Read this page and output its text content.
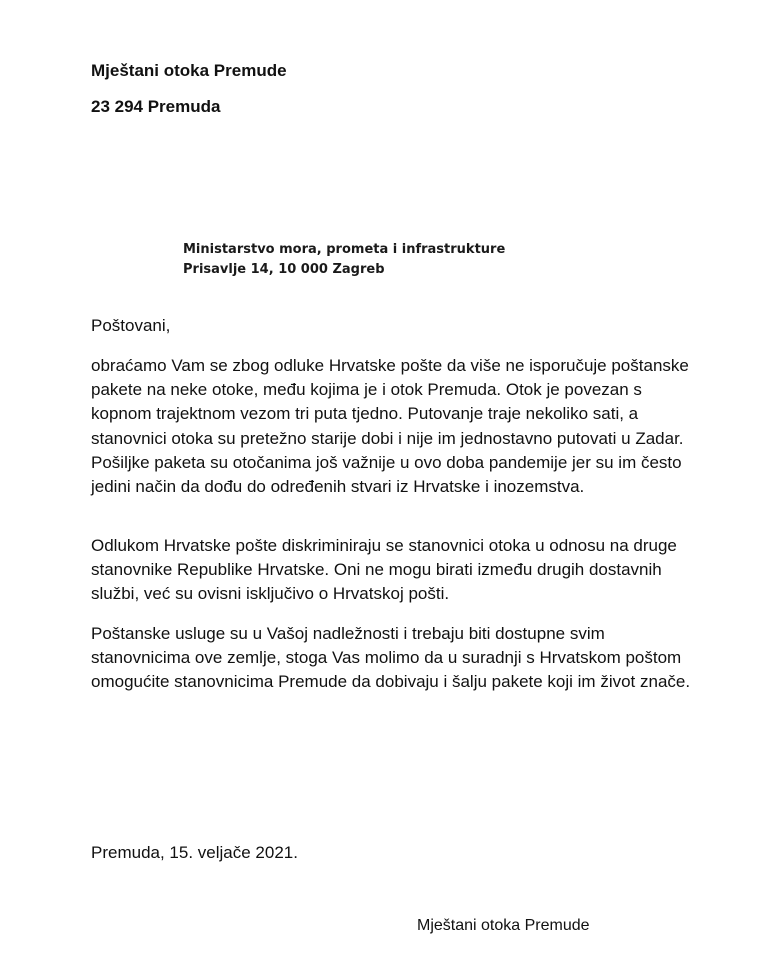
Mještani otoka Premude
23 294 Premuda
Ministarstvo mora, prometa i infrastrukture
Prisavlje 14, 10 000 Zagreb

Poštovani,

obraćamo Vam se zbog odluke Hrvatske pošte da više ne isporučuje poštanske pakete na neke otoke, među kojima je i otok Premuda. Otok je povezan s kopnom trajektnom vezom tri puta tjedno. Putovanje traje nekoliko sati, a stanovnici otoka su pretežno starije dobi i nije im jednostavno putovati u Zadar. Pošiljke paketa su otočanima još važnije u ovo doba pandemije jer su im često jedini način da dođu do određenih stvari iz Hrvatske i inozemstva.

Odlukom Hrvatske pošte diskriminiraju se stanovnici otoka u odnosu na druge stanovnike Republike Hrvatske. Oni ne mogu birati između drugih dostavnih službi, već su ovisni isključivo o Hrvatskoj pošti.

Poštanske usluge su u Vašoj nadležnosti i trebaju biti dostupne svim stanovnicima ove zemlje, stoga Vas molimo da u suradnji s Hrvatskom poštom omogućite stanovnicima Premude da dobivaju i šalju pakete koji im život znače.

Premuda, 15. veljače 2021.
Mještani otoka Premude
